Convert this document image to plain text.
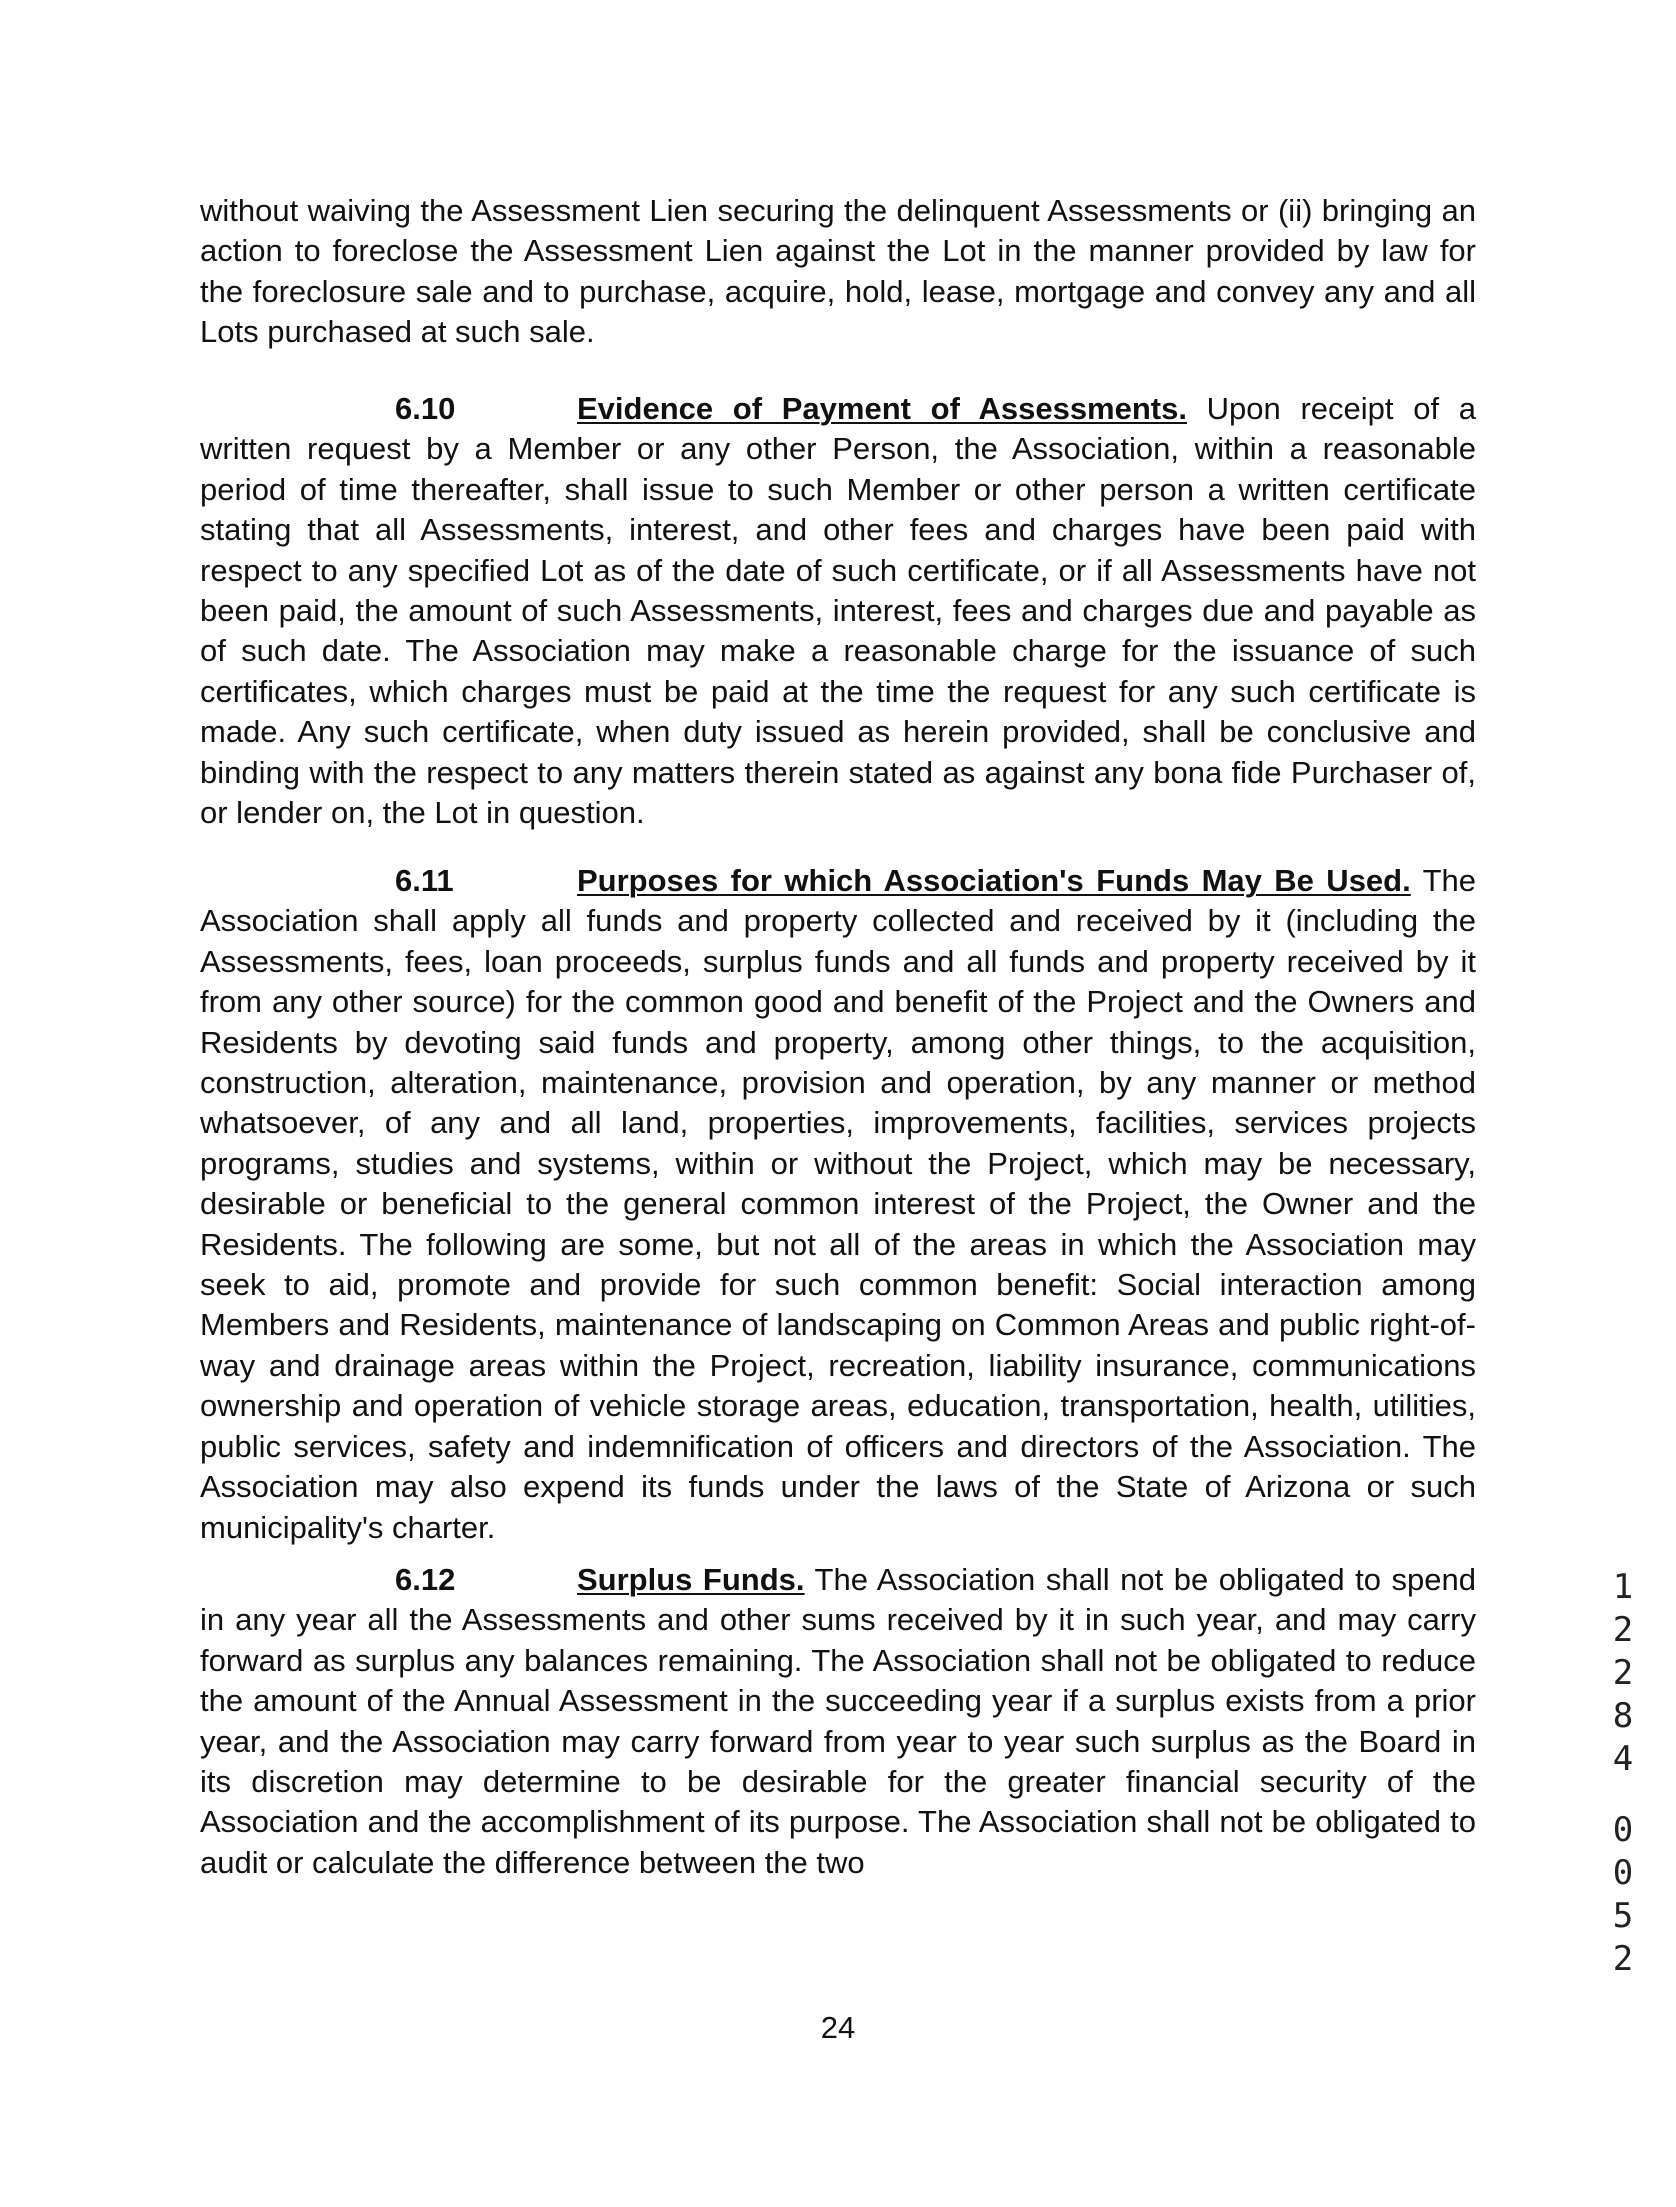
without waiving the Assessment Lien securing the delinquent Assessments or (ii) bringing an action to foreclose the Assessment Lien against the Lot in the manner provided by law for the foreclosure sale and to purchase, acquire, hold, lease, mortgage and convey any and all Lots purchased at such sale.

6.10	Evidence of Payment of Assessments. Upon receipt of a written request by a Member or any other Person, the Association, within a reasonable period of time thereafter, shall issue to such Member or other person a written certificate stating that all Assessments, interest, and other fees and charges have been paid with respect to any specified Lot as of the date of such certificate, or if all Assessments have not been paid, the amount of such Assessments, interest, fees and charges due and payable as of such date. The Association may make a reasonable charge for the issuance of such certificates, which charges must be paid at the time the request for any such certificate is made. Any such certificate, when duty issued as herein provided, shall be conclusive and binding with the respect to any matters therein stated as against any bona fide Purchaser of, or lender on, the Lot in question.

6.11	Purposes for which Association's Funds May Be Used. The Association shall apply all funds and property collected and received by it (including the Assessments, fees, loan proceeds, surplus funds and all funds and property received by it from any other source) for the common good and benefit of the Project and the Owners and Residents by devoting said funds and property, among other things, to the acquisition, construction, alteration, maintenance, provision and operation, by any manner or method whatsoever, of any and all land, properties, improvements, facilities, services projects programs, studies and systems, within or without the Project, which may be necessary, desirable or beneficial to the general common interest of the Project, the Owner and the Residents. The following are some, but not all of the areas in which the Association may seek to aid, promote and provide for such common benefit: Social interaction among Members and Residents, maintenance of landscaping on Common Areas and public right-of-way and drainage areas within the Project, recreation, liability insurance, communications ownership and operation of vehicle storage areas, education, transportation, health, utilities, public services, safety and indemnification of officers and directors of the Association. The Association may also expend its funds under the laws of the State of Arizona or such municipality's charter.

6.12	Surplus Funds. The Association shall not be obligated to spend in any year all the Assessments and other sums received by it in such year, and may carry forward as surplus any balances remaining. The Association shall not be obligated to reduce the amount of the Annual Assessment in the succeeding year if a surplus exists from a prior year, and the Association may carry forward from year to year such surplus as the Board in its discretion may determine to be desirable for the greater financial security of the Association and the accomplishment of its purpose. The Association shall not be obligated to audit or calculate the difference between the two

1
2
2
8
4
0
0
5
2

24
